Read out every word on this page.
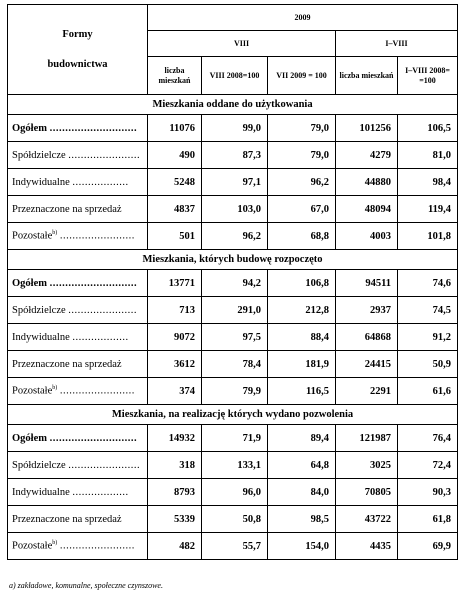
Formy
budownictwa	2009				
	VIII			I–VIII	
	liczba mieszkań	VIII 2008=100	VII 2009 = 100	liczba mieszkań	I–VIII 2008= =100
Mieszkania oddane do użytkowania					
Ogółem ............................	11076	99,0	79,0	101256	106,5
Spółdzielcze .......................	490	87,3	79,0	4279	81,0
Indywidualne ..................	5248	97,1	96,2	44880	98,4
Przeznaczone na sprzedaż	4837	103,0	67,0	48094	119,4
Pozostałe$^{b)}$ ........................	501	96,2	68,8	4003	101,8
Mieszkania, których budowę rozpoczęto					
Ogółem ............................	13771	94,2	106,8	94511	74,6
Spółdzielcze ......................	713	291,0	212,8	2937	74,5
Indywidualne ..................	9072	97,5	88,4	64868	91,2
Przeznaczone na sprzedaż	3612	78,4	181,9	24415	50,9
Pozostałe$^{b)}$ ........................	374	79,9	116,5	2291	61,6
Mieszkania, na realizację których wydano pozwolenia					
Ogółem ............................	14932	71,9	89,4	121987	76,4
Spółdzielcze .......................	318	133,1	64,8	3025	72,4
Indywidualne ..................	8793	96,0	84,0	70805	90,3
Przeznaczone na sprzedaż	5339	50,8	98,5	43722	61,8
Pozostałe$^{b)}$ ........................	482	55,7	154,0	4435	69,9
a) zakładowe, komunalne, społeczne czynszowe.
